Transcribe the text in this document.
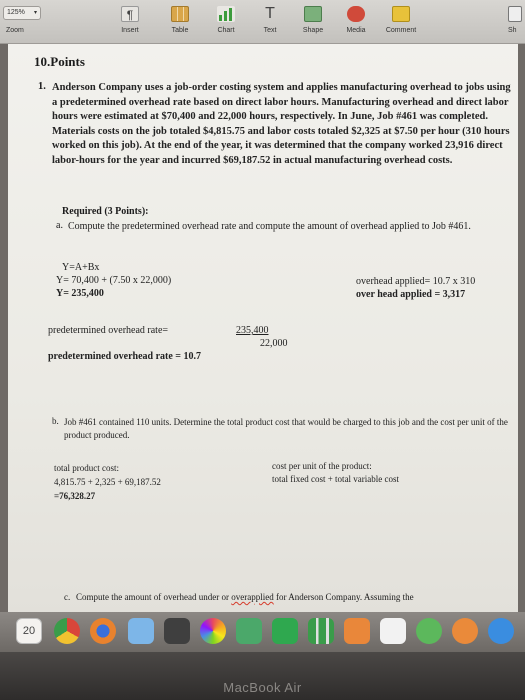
125% ▾
Zoom
¶
Insert	Table	Chart
T
Text	Shape	Media	Comment	Sh
10.Points
1. Anderson Company uses a job-order costing system and applies manufacturing overhead to jobs using a predetermined overhead rate based on direct labor hours. Manufacturing overhead and direct labor hours were estimated at $70,400 and 22,000 hours, respectively. In June, Job #461 was completed. Materials costs on the job totaled $4,815.75 and labor costs totaled $2,325 at $7.50 per hour (310 hours worked on this job). At the end of the year, it was determined that the company worked 23,916 direct labor-hours for the year and incurred $69,187.52 in actual manufacturing overhead costs.
Required (3 Points):
a. Compute the predetermined overhead rate and compute the amount of overhead applied to Job #461.
Y=A+Bx
Y= 70,400 + (7.50 x 22,000)
Y= 235,400
overhead applied= 10.7 x 310
over head applied = 3,317
predetermined overhead rate=	235,400
22,000
predetermined overhead rate = 10.7
b. Job #461 contained 110 units. Determine the total product cost that would be charged to this job and the cost per unit of the product produced.
total product cost:
4,815.75 + 2,325 + 69,187.52
=76,328.27
cost per unit of the product:
total fixed cost + total variable cost
c. Compute the amount of overhead under or overapplied for Anderson Company. Assuming the
20
MacBook Air
